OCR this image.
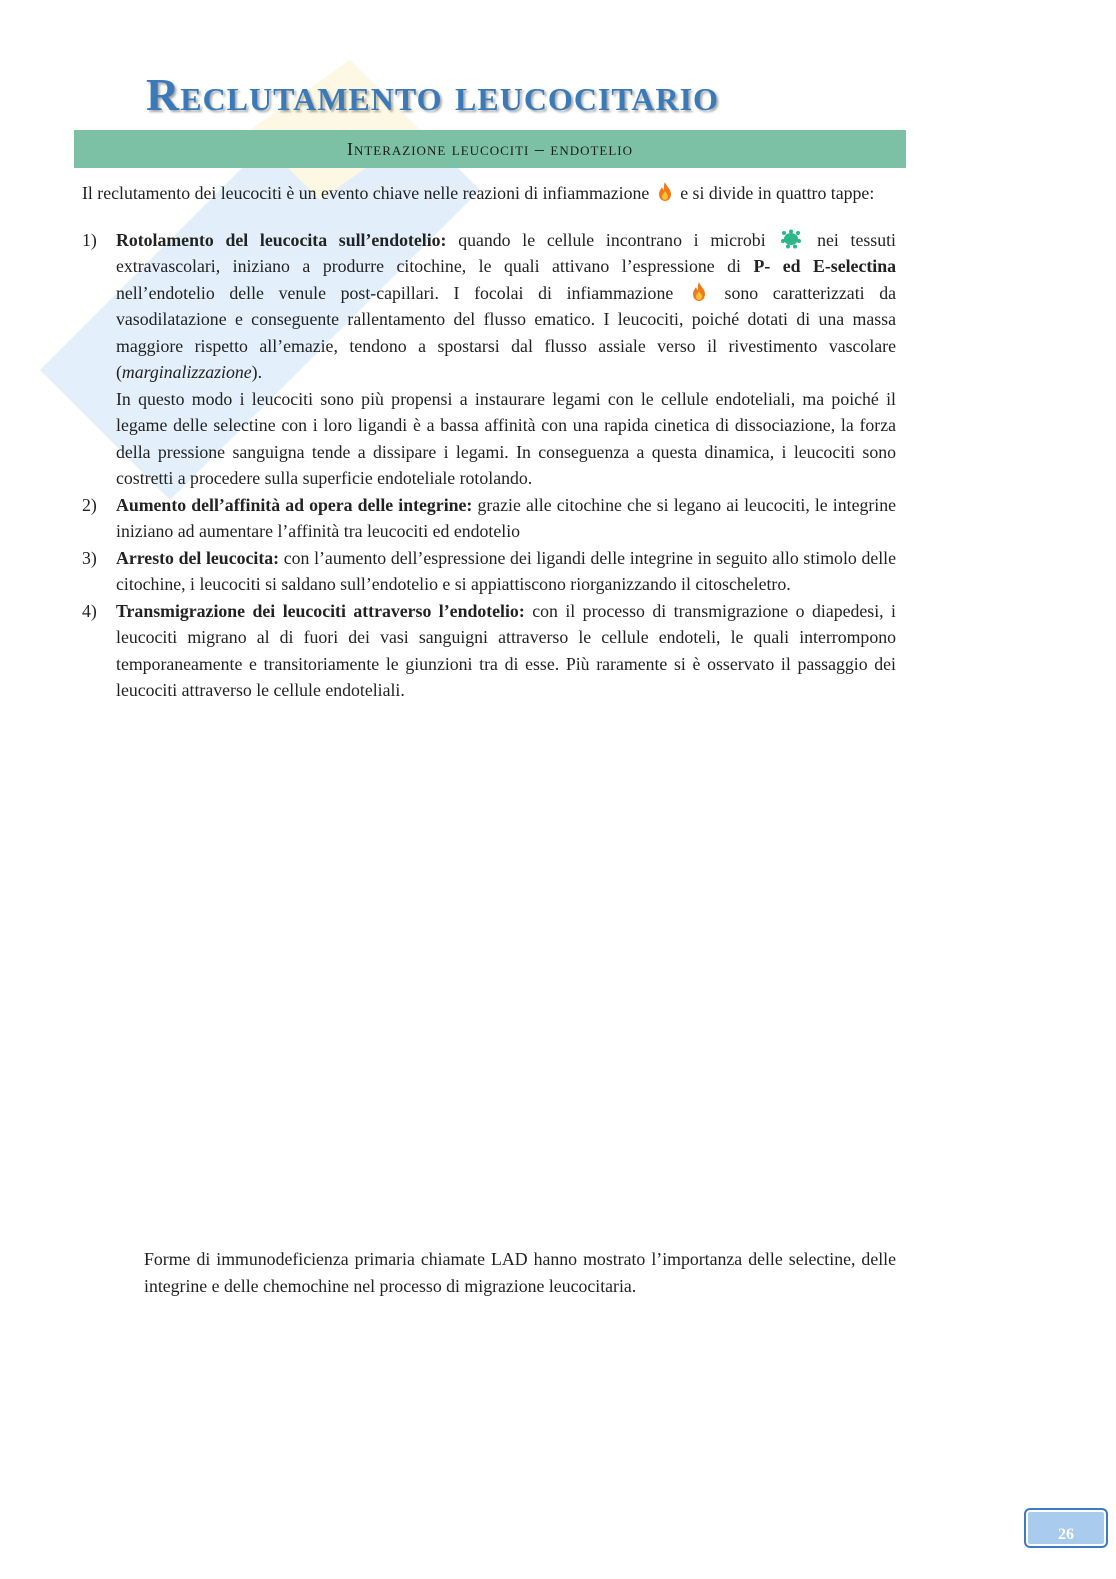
Reclutamento leucocitario
Interazione leucociti – endotelio

Il reclutamento dei leucociti è un evento chiave nelle reazioni di infiammazione e si divide in quattro tappe:

1)	Rotolamento del leucocita sull’endotelio: quando le cellule incontrano i microbi	nei tessuti extravascolari, iniziano a produrre citochine, le quali attivano l’espressione di P- ed E-selectina nell’endotelio delle venule post-capillari. I focolai di infiammazione	sono caratterizzati da vasodilatazione e conseguente rallentamento del flusso ematico. I leucociti, poiché dotati di una massa maggiore rispetto all’emazie, tendono a spostarsi dal flusso assiale verso il rivestimento vascolare (marginalizzazione).

In questo modo i leucociti sono più propensi a instaurare legami con le cellule endoteliali, ma poiché il legame delle selectine con i loro ligandi è a bassa affinità con una rapida cinetica di dissociazione, la forza della pressione sanguigna tende a dissipare i legami. In conseguenza a questa dinamica, i leucociti sono costretti a procedere sulla superficie endoteliale rotolando.

2)	Aumento dell’affinità ad opera delle integrine: grazie alle citochine che si legano ai leucociti, le integrine iniziano ad aumentare l’affinità tra leucociti ed endotelio

3)	Arresto del leucocita: con l’aumento dell’espressione dei ligandi delle integrine in seguito allo stimolo delle citochine, i leucociti si saldano sull’endotelio e si appiattiscono riorganizzando il citoscheletro.

4)	Transmigrazione dei leucociti attraverso l’endotelio: con il processo di transmigrazione o diapedesi, i leucociti migrano al di fuori dei vasi sanguigni attraverso le cellule endoteli, le quali interrompono temporaneamente e transitoriamente le giunzioni tra di esse. Più raramente si è osservato il passaggio dei leucociti attraverso le cellule endoteliali.

Forme di immunodeficienza primaria chiamate LAD hanno mostrato l’importanza delle selectine, delle integrine e delle chemochine nel processo di migrazione leucocitaria.

26
